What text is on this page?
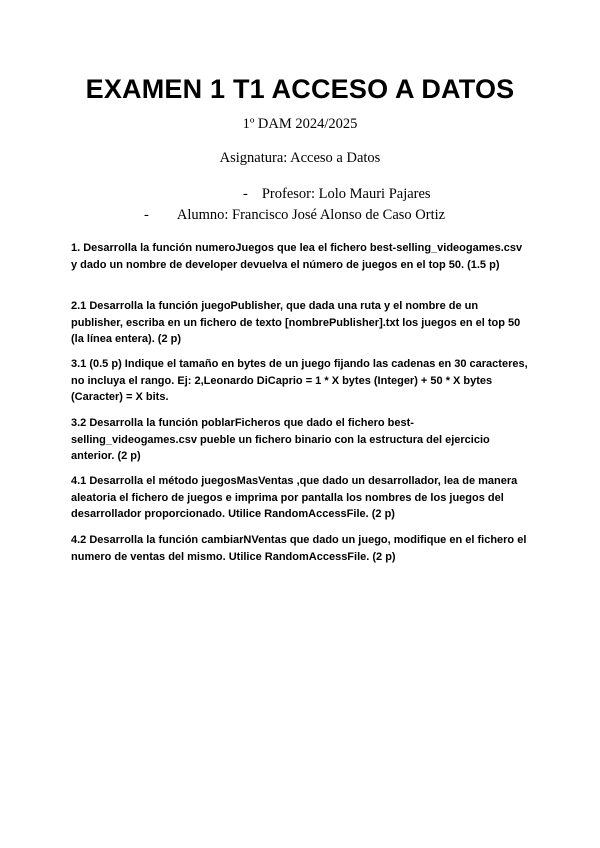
EXAMEN 1 T1 ACCESO A DATOS
1º DAM 2024/2025
Asignatura: Acceso a Datos
- Profesor: Lolo Mauri Pajares
- Alumno: Francisco José Alonso de Caso Ortiz
1. Desarrolla la función numeroJuegos que lea el fichero best-selling_videogames.csv y dado un nombre de developer devuelva el número de juegos en el top 50. (1.5 p)
2.1 Desarrolla la función juegoPublisher, que dada una ruta y el nombre de un publisher, escriba en un fichero de texto [nombrePublisher].txt los juegos en el top 50 (la línea entera). (2 p)
3.1 (0.5 p) Indique el tamaño en bytes de un juego fijando las cadenas en 30 caracteres, no incluya el rango. Ej: 2,Leonardo DiCaprio = 1 * X bytes (Integer) + 50 * X bytes (Caracter) = X bits.
3.2 Desarrolla la función poblarFicheros que dado el fichero best-selling_videogames.csv pueble un fichero binario con la estructura del ejercicio anterior. (2 p)
4.1 Desarrolla el método juegosMasVentas ,que dado un desarrollador, lea de manera aleatoria el fichero de juegos e imprima por pantalla los nombres de los juegos del desarrollador proporcionado. Utilice RandomAccessFile. (2 p)
4.2 Desarrolla la función cambiarNVentas que dado un juego, modifique en el fichero el numero de ventas del mismo. Utilice RandomAccessFile. (2 p)
